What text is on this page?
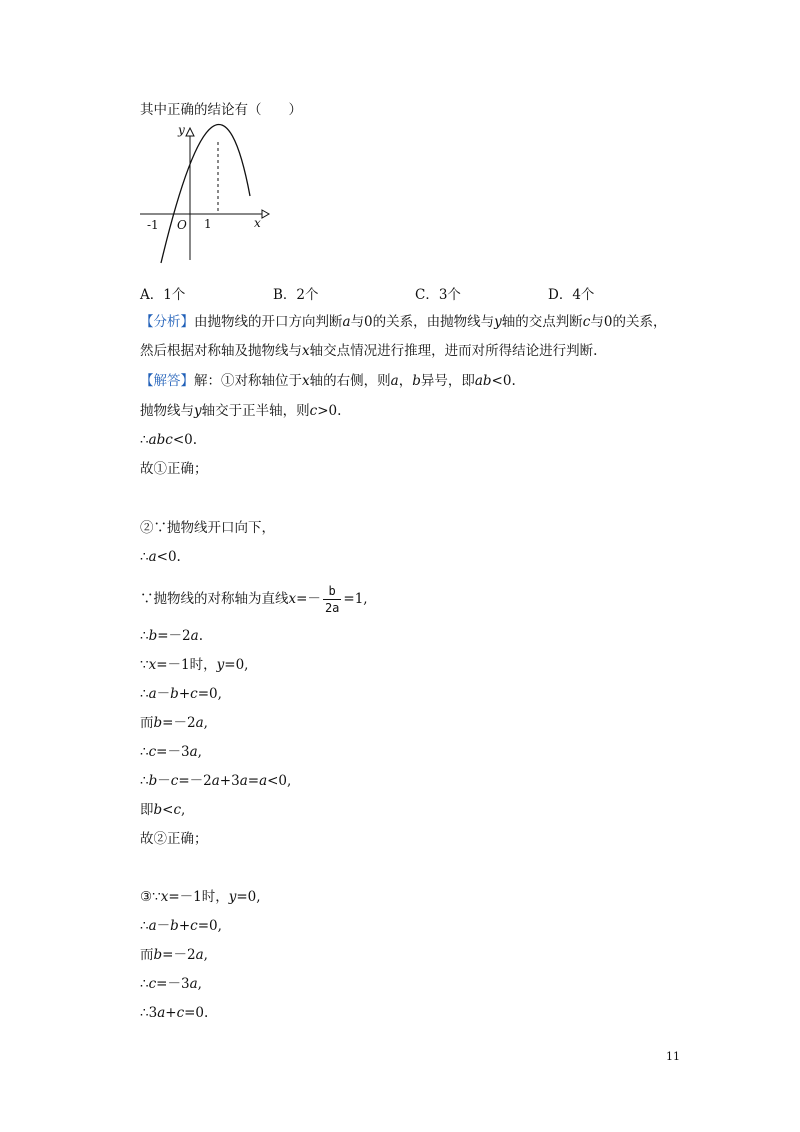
其中正确的结论有（　　）
y
x
-1 O 1
A．1个	B．2个	C．3个	D．4个
【分析】由抛物线的开口方向判断a与0的关系，由抛物线与y轴的交点判断c与0的关系，
然后根据对称轴及抛物线与x轴交点情况进行推理，进而对所得结论进行判断.
【解答】解：①对称轴位于x轴的右侧，则a，b异号，即ab<0.
抛物线与y轴交于正半轴，则c>0.
∴abc<0.
故①正确；
②∵抛物线开口向下，
∴a<0.
∵抛物线的对称轴为直线$x=- \frac{b}{2a} =1$,
∴b=－2a.
∵x=－1时，y=0,
∴a－b+c=0,
而b=－2a,
∴c=－3a,
∴b－c=－2a+3a=a<0,
即b<c,
故②正确；
③∵x=－1时，y=0,
∴a－b+c=0,
而b=－2a,
∴c=－3a,
∴3a+c=0.
11
